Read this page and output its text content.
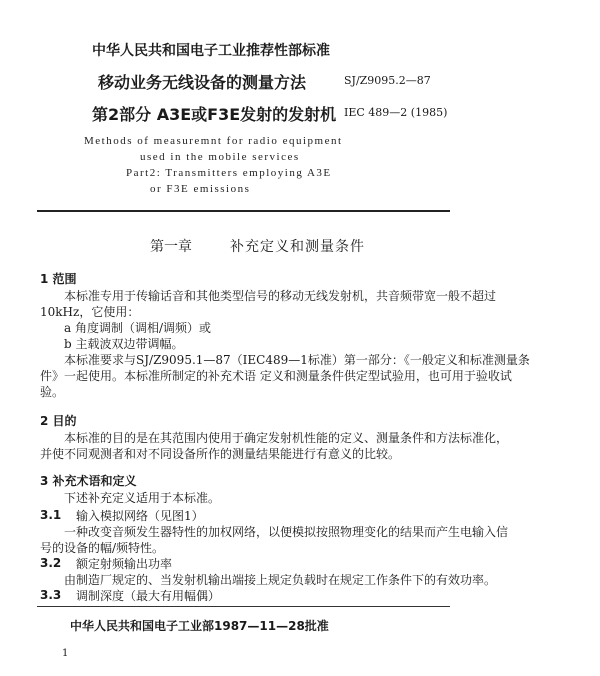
中华人民共和国电子工业推荐性部标准
移动业务无线设备的测量方法	SJ/Z9095.2—87
第2部分 A3E或F3E发射的发射机 IEC 489—2 (1985)
Methods of measuremnt for radio equipment
used in the mobile services
Part2: Transmitters employing A3E
or F3E emissions
第一章	补充定义和测量条件
1 范围
本标准专用于传输话音和其他类型信号的移动无线发射机，共音频带宽一般不超过
10kHz，它使用：
a 角度调制（调相/调频）或
b 主载波双边带调幅。
本标准要求与SJ/Z9095.1—87（IEC489—1标准）第一部分：《一般定义和标准测量条
件》一起使用。本标准所制定的补充术语 定义和测量条件供定型试验用，也可用于验收试
验。
2 目的
本标准的目的是在其范围内使用于确定发射机性能的定义、测量条件和方法标准化，
并使不同观测者和对不同设备所作的测量结果能进行有意义的比较。
3 补充术语和定义
下述补充定义适用于本标准。
3.1 输入模拟网络（见图1）
一种改变音频发生器特性的加权网络，以便模拟按照物理变化的结果而产生电输入信
号的设备的幅/频特性。
3.2 额定射频输出功率
由制造厂规定的、当发射机输出端接上规定负载时在规定工作条件下的有效功率。
3.3 调制深度（最大有用幅偶）
中华人民共和国电子工业部1987—11—28批准
1
